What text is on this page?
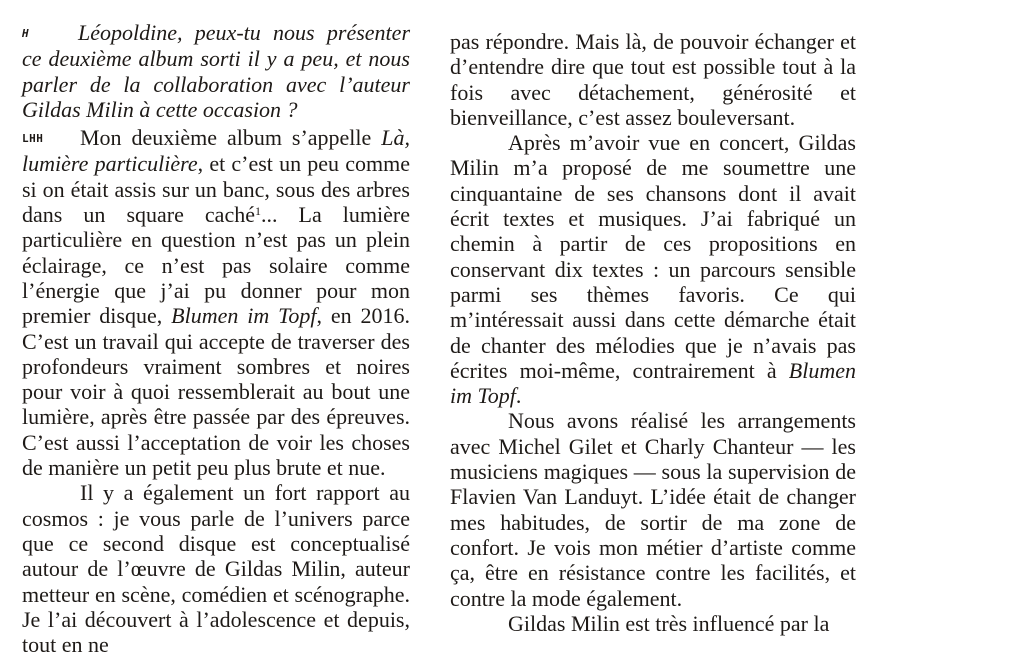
H Léopoldine, peux-tu nous présenter ce deuxième album sorti il y a peu, et nous parler de la collaboration avec l’auteur Gildas Milin à cette occasion ?

LHH Mon deuxième album s’appelle Là, lumière particulière, et c’est un peu comme si on était assis sur un banc, sous des arbres dans un square caché$^1$... La lumière particulière en question n’est pas un plein éclairage, ce n’est pas solaire comme l’énergie que j’ai pu donner pour mon premier disque, Blumen im Topf, en 2016. C’est un travail qui accepte de traverser des profondeurs vraiment sombres et noires pour voir à quoi ressemblerait au bout une lumière, après être passée par des épreuves. C’est aussi l’acceptation de voir les choses de manière un petit peu plus brute et nue.

Il y a également un fort rapport au cosmos : je vous parle de l’univers parce que ce second disque est conceptualisé autour de l’œuvre de Gildas Milin, auteur metteur en scène, comédien et scénographe. Je l’ai découvert à l’adolescence et depuis, tout en ne

pas répondre. Mais là, de pouvoir échanger et d’entendre dire que tout est possible tout à la fois avec détachement, générosité et bienveillance, c’est assez bouleversant.

Après m’avoir vue en concert, Gildas Milin m’a proposé de me soumettre une cinquantaine de ses chansons dont il avait écrit textes et musiques. J’ai fabriqué un chemin à partir de ces propositions en conservant dix textes : un parcours sensible parmi ses thèmes favoris. Ce qui m’intéressait aussi dans cette démarche était de chanter des mélodies que je n’avais pas écrites moi-même, contrairement à Blumen im Topf.

Nous avons réalisé les arrangements avec Michel Gilet et Charly Chanteur — les musiciens magiques — sous la supervision de Flavien Van Landuyt. L’idée était de changer mes habitudes, de sortir de ma zone de confort. Je vois mon métier d’artiste comme ça, être en résistance contre les facilités, et contre la mode également.

Gildas Milin est très influencé par la
